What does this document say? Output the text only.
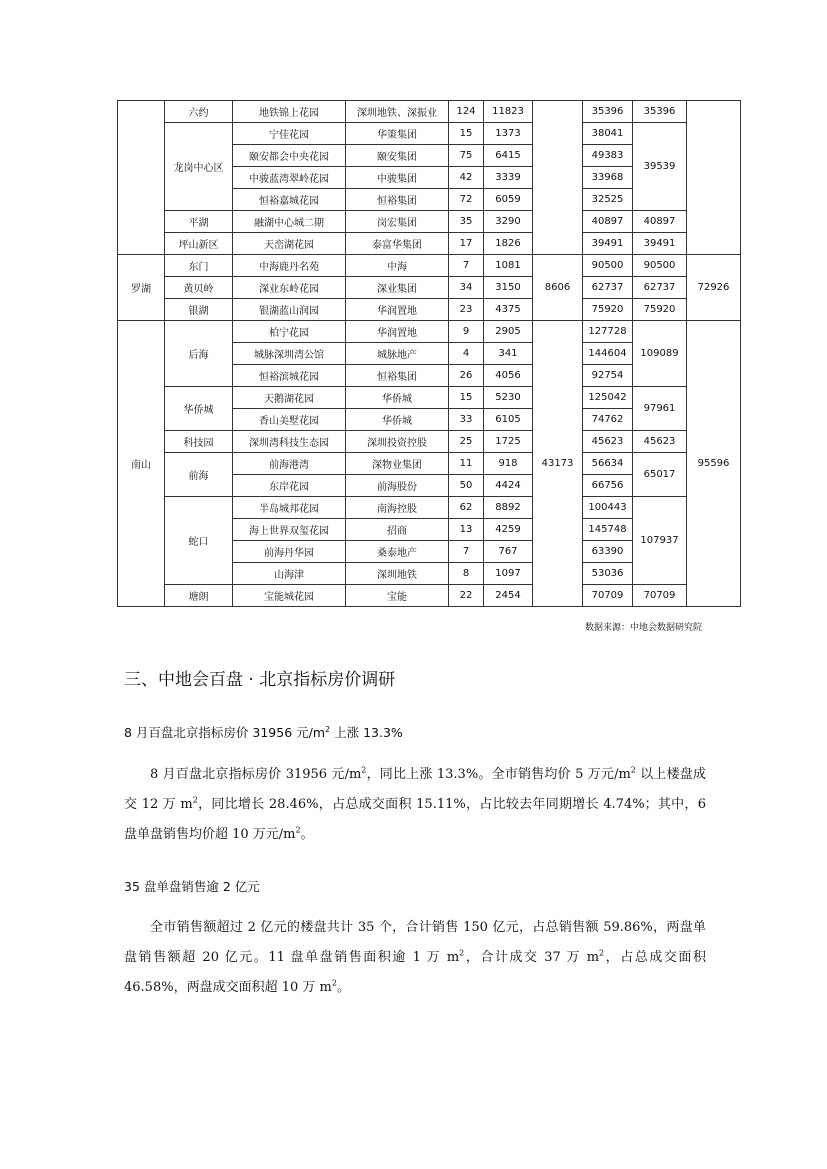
	六约	地铁锦上花园	深圳地铁、深振业	124	11823		35396	35396	
	龙岗中心区	宁佳花园	华策集团	15	1373		38041	39539	
		颐安都会中央花园	颐安集团	75	6415		49383		
		中骏蓝湾翠岭花园	中骏集团	42	3339		33968		
		恒裕嘉城花园	恒裕集团	72	6059		32525		
	平湖	融湖中心城二期	岗宏集团	35	3290		40897	40897	
	坪山新区	天峦湖花园	泰富华集团	17	1826		39491	39491	
罗湖	东门	中海鹿丹名苑	中海	7	1081	8606	90500	90500	72926
	黄贝岭	深业东岭花园	深业集团	34	3150		62737	62737	
	银湖	银湖蓝山润园	华润置地	23	4375		75920	75920	
南山	后海	柏宁花园	华润置地	9	2905	43173	127728	109089	95596
		城脉深圳湾公馆	城脉地产	4	341		144604		
		恒裕滨城花园	恒裕集团	26	4056		92754		
	华侨城	天鹅湖花园	华侨城	15	5230		125042	97961	
		香山美墅花园	华侨城	33	6105		74762		
	科技园	深圳湾科技生态园	深圳投资控股	25	1725		45623	45623	
	前海	前海港湾	深物业集团	11	918		56634	65017	
		东岸花园	前海股份	50	4424		66756		
	蛇口	半岛城邦花园	南海控股	62	8892		100443	107937	
		海上世界双玺花园	招商	13	4259		145748		
		前海丹华园	桑泰地产	7	767		63390		
		山海津	深圳地铁	8	1097		53036		
	塘朗	宝能城花园	宝能	22	2454		70709	70709	
数据来源：中地会数据研究院
三、中地会百盘 · 北京指标房价调研

8 月百盘北京指标房价 31956 元$/m^2$ 上涨 13.3%

8 月百盘北京指标房价 31956 元$/m^2$，同比上涨 13.3%。全市销售均价 5 万元$/m^2$ 以上楼盘成交 12 万 $m^2$，同比增长 28.46%，占总成交面积 15.11%，占比较去年同期增长 4.74%；其中，6 盘单盘销售均价超 10 万元$/m^2$。

35 盘单盘销售逾 2 亿元

全市销售额超过 2 亿元的楼盘共计 35 个，合计销售 150 亿元，占总销售额 59.86%，两盘单盘销售额超 20 亿元。11 盘单盘销售面积逾 1 万 $m^2$，合计成交 37 万 $m^2$，占总成交面积 46.58%，两盘成交面积超 10 万 $m^2$。
